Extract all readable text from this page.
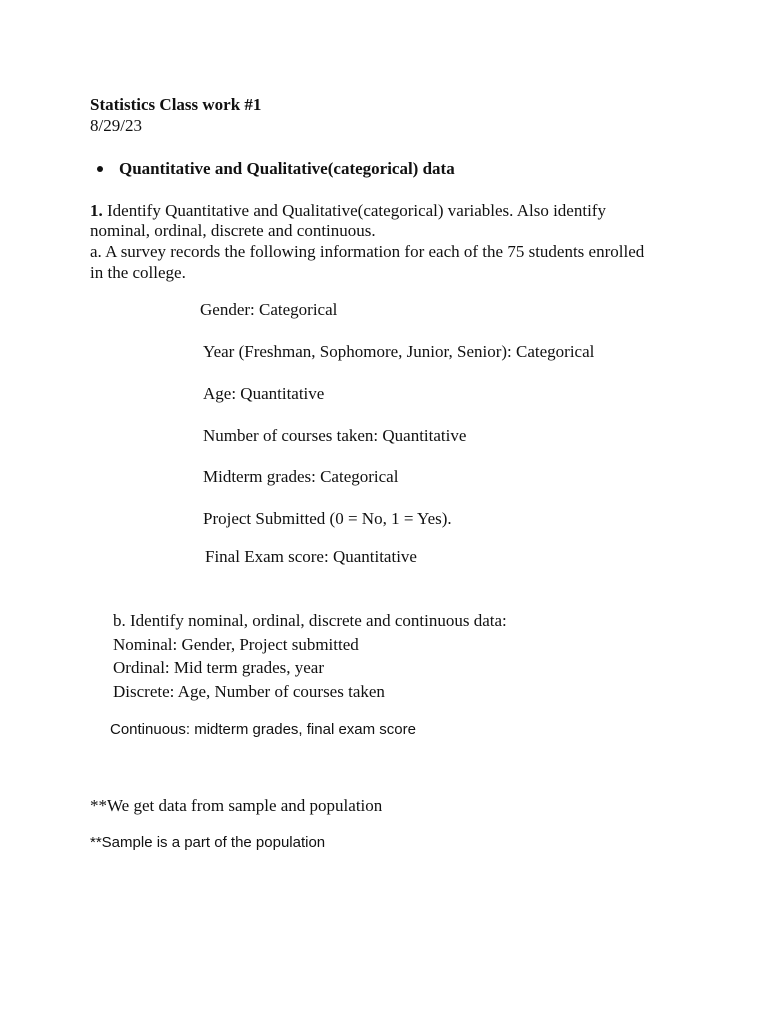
Statistics Class work #1
8/29/23
Quantitative and Qualitative(categorical) data
1. Identify Quantitative and Qualitative(categorical) variables. Also identify
nominal, ordinal, discrete and continuous.
a. A survey records the following information for each of the 75 students enrolled
in the college.
Gender: Categorical
Year (Freshman, Sophomore, Junior, Senior): Categorical
Age: Quantitative
Number of courses taken: Quantitative
Midterm grades: Categorical
Project Submitted (0 = No, 1 = Yes).
Final Exam score: Quantitative
b. Identify nominal, ordinal, discrete and continuous data:
Nominal: Gender, Project submitted
Ordinal: Mid term grades, year
Discrete: Age, Number of courses taken
Continuous: midterm grades, final exam score
**We get data from sample and population
**Sample is a part of the population
